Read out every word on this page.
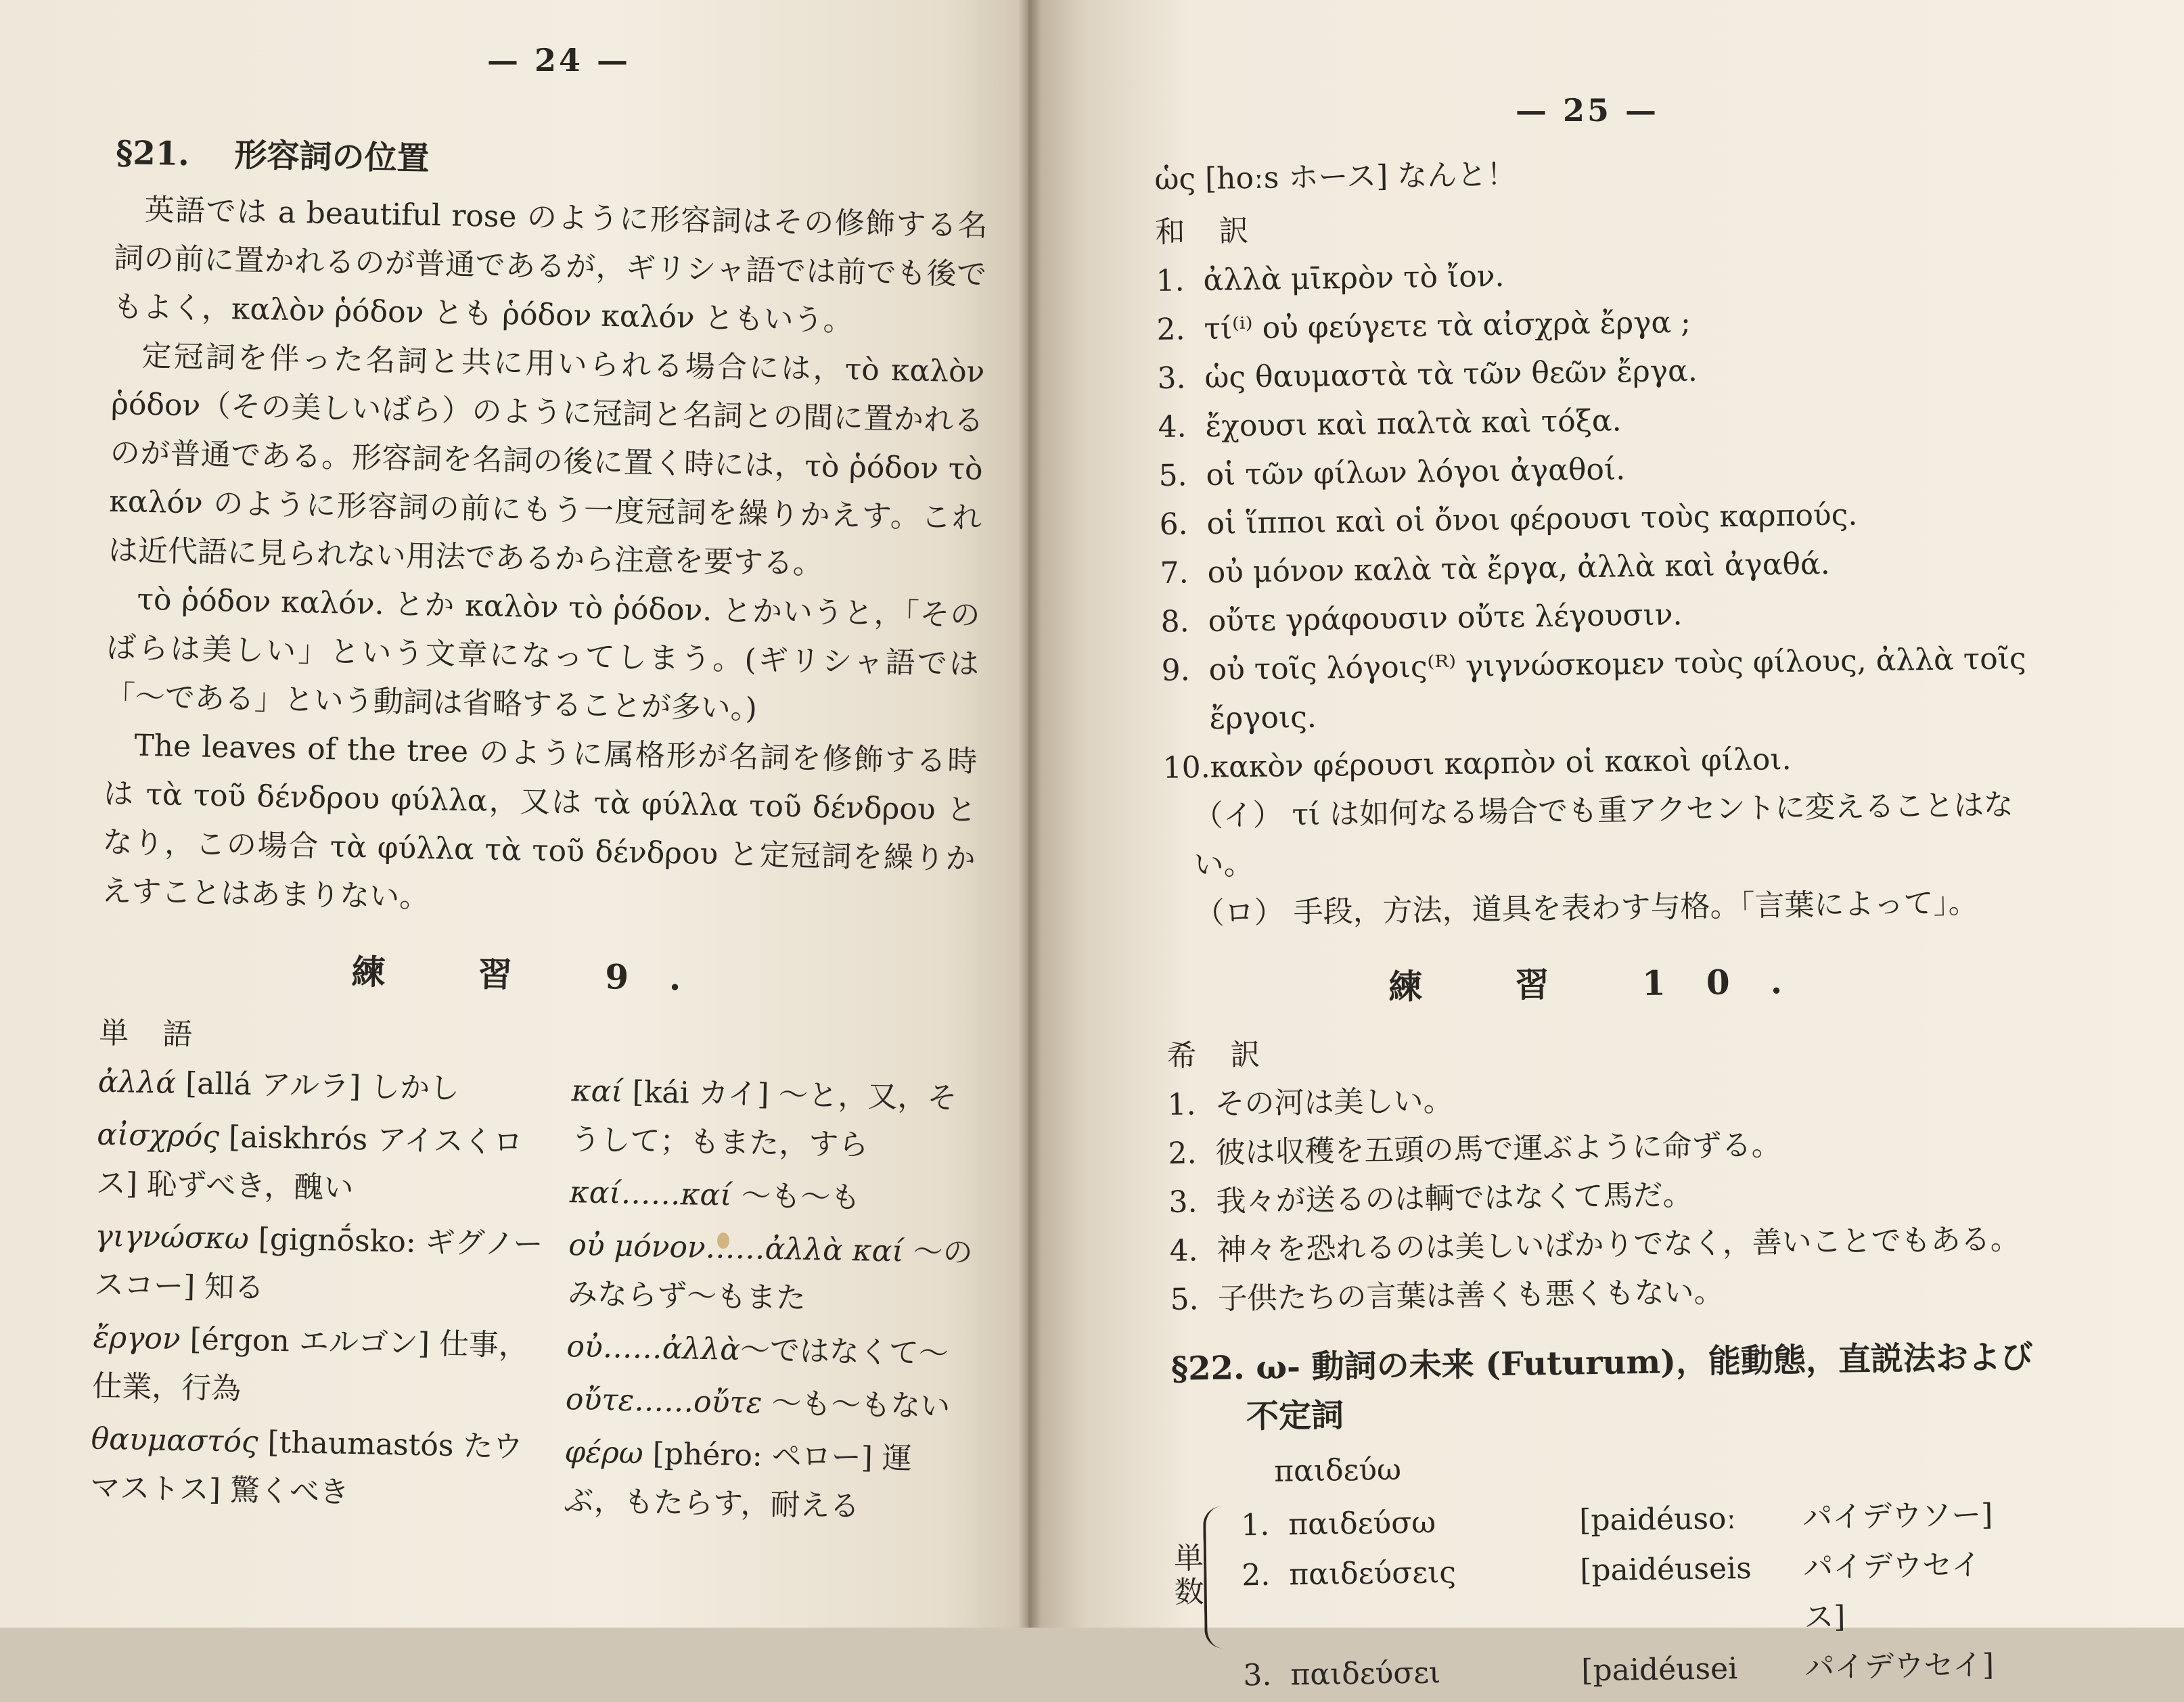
— 24 —
— 25 —
§21. 形容詞の位置

英語では a beautiful rose のように形容詞はその修飾する名詞の前に置かれるのが普通であるが，ギリシャ語では前でも後でもよく，καλὸν ῥόδον とも ῥόδον καλόν ともいう。

定冠詞を伴った名詞と共に用いられる場合には，τὸ καλὸν ῥόδον（その美しいばら）のように冠詞と名詞との間に置かれるのが普通である。形容詞を名詞の後に置く時には，τὸ ῥόδον τὸ καλόν のように形容詞の前にもう一度冠詞を繰りかえす。これは近代語に見られない用法であるから注意を要する。

τὸ ῥόδον καλόν. とか καλὸν τὸ ῥόδον. とかいうと，「そのばらは美しい」という文章になってしまう。(ギリシャ語では「〜である」という動詞は省略することが多い。)

The leaves of the tree のように属格形が名詞を修飾する時は τὰ τοῦ δένδρου φύλλα，又は τὰ φύλλα τοῦ δένδρου となり，この場合 τὰ φύλλα τὰ τοῦ δένδρου と定冠詞を繰りかえすことはあまりない。

練 習 9.
単 語

ἀλλά [allá アルラ] しかし

αἰσχρός [aiskhrós アイスくロス] 恥ずべき，醜い

γιγνώσκω [gignṓsko: ギグノースコー] 知る

ἔργον [érgon エルゴン] 仕事，仕業，行為

θαυμαστός [thaumastós たウマストス] 驚くべき

καί [kái カイ] 〜と，又，そうして；もまた，すら

καί……καί 〜も〜も

οὐ μόνον……ἀλλὰ καί 〜のみならず〜もまた

οὐ……ἀλλὰ〜ではなくて〜

οὔτε……οὔτε 〜も〜もない

φέρω [phéro: ペロー] 運ぶ，もたらす，耐える

ὡς [hoːs ホース] なんと！

和 訳
1. ἀλλὰ μῑκρὸν τὸ ἴον.
2. τί⁽ⁱ⁾ οὐ φεύγετε τὰ αἰσχρὰ ἔργα ;
3. ὡς θαυμαστὰ τὰ τῶν θεῶν ἔργα.
4. ἔχουσι καὶ παλτὰ καὶ τόξα.
5. οἱ τῶν φίλων λόγοι ἀγαθοί.
6. οἱ ἵπποι καὶ οἱ ὄνοι φέρουσι τοὺς καρπούς.
7. οὐ μόνον καλὰ τὰ ἔργα, ἀλλὰ καὶ ἀγαθά.
8. οὔτε γράφουσιν οὔτε λέγουσιν.
9. οὐ τοῖς λόγοις⁽ᴿ⁾ γιγνώσκομεν τοὺς φίλους, ἀλλὰ τοῖς ἔργοις.
10. κακὸν φέρουσι καρπὸν οἱ κακοὶ φίλοι.

（イ） τί は如何なる場合でも重アクセントに変えることはない。

（ロ） 手段，方法，道具を表わす与格。「言葉によって」。

練 習 10.
希 訳
1. その河は美しい。
2. 彼は収穫を五頭の馬で運ぶように命ずる。
3. 我々が送るのは輌ではなくて馬だ。
4. 神々を恐れるのは美しいばかりでなく，善いことでもある。
5. 子供たちの言葉は善くも悪くもない。
§22. ω- 動詞の未来 (Futurum)，能動態，直説法および
不定詞

παιδεύω

単数
1. παιδεύσω	[paidéusoː	パイデウソー]
2. παιδεύσεις	[paidéuseis	パイデウセイス]
3. παιδεύσει	[paidéusei	パイデウセイ]
